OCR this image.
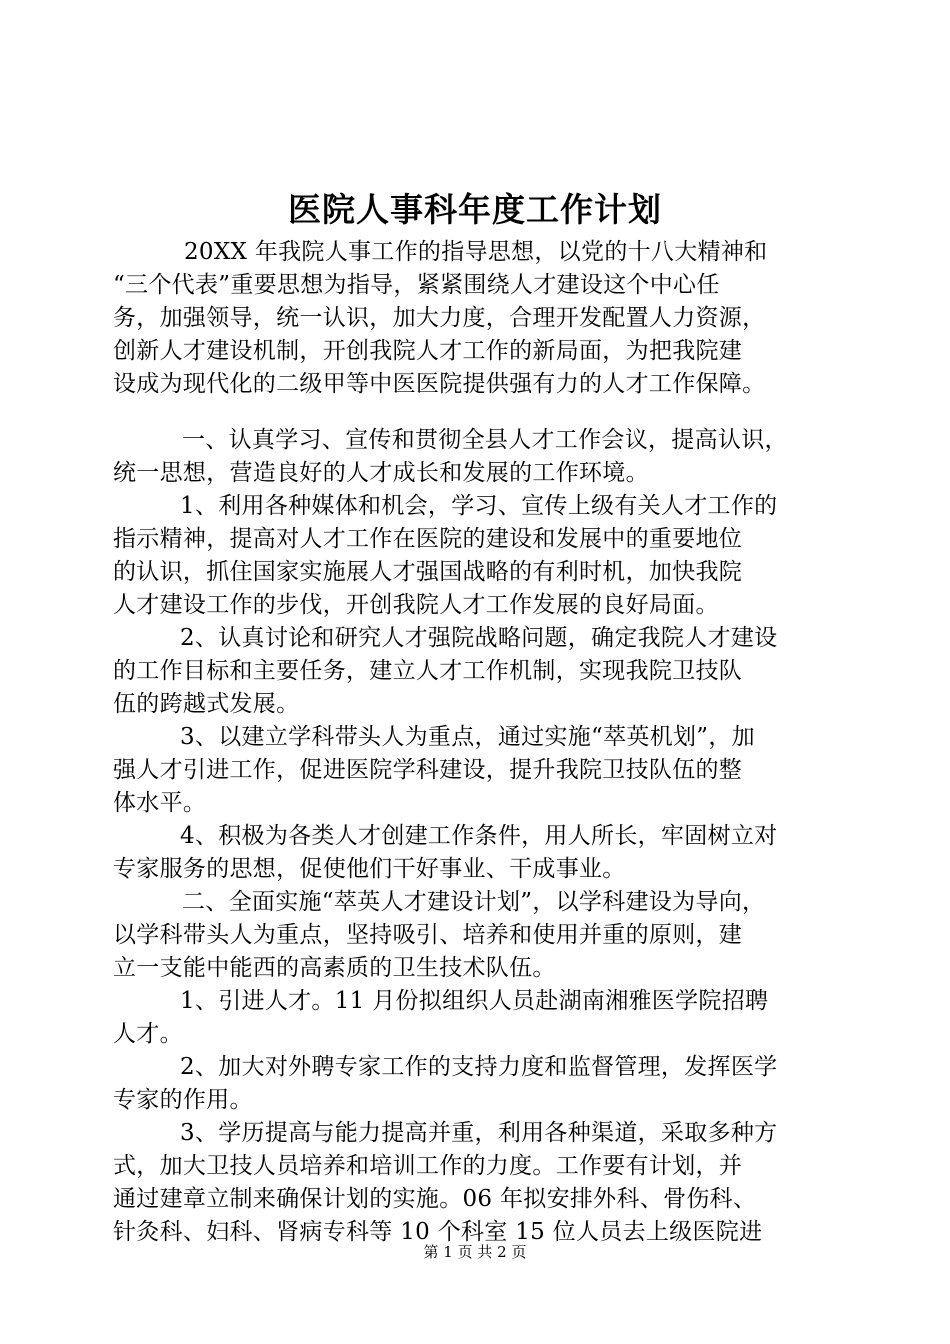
医院人事科年度工作计划
20XX 年我院人事工作的指导思想，以党的十八大精神和
“三个代表”重要思想为指导，紧紧围绕人才建设这个中心任
务，加强领导，统一认识，加大力度，合理开发配置人力资源，
创新人才建设机制，开创我院人才工作的新局面，为把我院建
设成为现代化的二级甲等中医医院提供强有力的人才工作保障。
一、认真学习、宣传和贯彻全县人才工作会议，提高认识，
统一思想，营造良好的人才成长和发展的工作环境。
1、利用各种媒体和机会，学习、宣传上级有关人才工作的
指示精神，提高对人才工作在医院的建设和发展中的重要地位
的认识，抓住国家实施展人才强国战略的有利时机，加快我院
人才建设工作的步伐，开创我院人才工作发展的良好局面。
2、认真讨论和研究人才强院战略问题，确定我院人才建设
的工作目标和主要任务，建立人才工作机制，实现我院卫技队
伍的跨越式发展。
3、以建立学科带头人为重点，通过实施“萃英机划”，加
强人才引进工作，促进医院学科建设，提升我院卫技队伍的整
体水平。
4、积极为各类人才创建工作条件，用人所长，牢固树立对
专家服务的思想，促使他们干好事业、干成事业。
二、全面实施“萃英人才建设计划”，以学科建设为导向，
以学科带头人为重点，坚持吸引、培养和使用并重的原则，建
立一支能中能西的高素质的卫生技术队伍。
1、引进人才。11 月份拟组织人员赴湖南湘雅医学院招聘
人才。
2、加大对外聘专家工作的支持力度和监督管理，发挥医学
专家的作用。
3、学历提高与能力提高并重，利用各种渠道，采取多种方
式，加大卫技人员培养和培训工作的力度。工作要有计划，并
通过建章立制来确保计划的实施。06 年拟安排外科、骨伤科、
针灸科、妇科、肾病专科等 10 个科室 15 位人员去上级医院进
第 1 页 共 2 页
